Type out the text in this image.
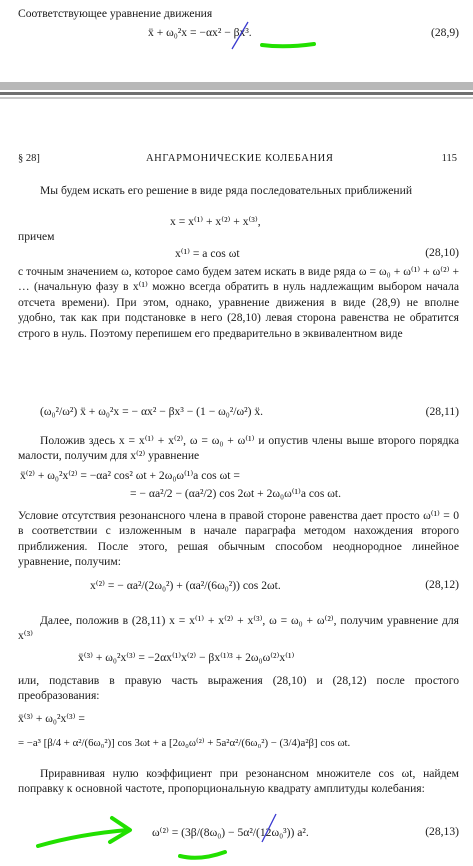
Соответствующее уравнение движения
ẍ + ω₀²x = −αx² − βx³.	(28,9)
§ 28]	АНГАРМОНИЧЕСКИЕ КОЛЕБАНИЯ	115
Мы будем искать его решение в виде ряда последовательных приближений
x = x⁽¹⁾ + x⁽²⁾ + x⁽³⁾,
причем
x⁽¹⁾ = a cos ωt	(28,10)
с точным значением ω, которое само будем затем искать в виде ряда ω = ω₀ + ω⁽¹⁾ + ω⁽²⁾ + … (начальную фазу в x⁽¹⁾ можно всегда обратить в нуль надлежащим выбором начала отсчета времени). При этом, однако, уравнение движения в виде (28,9) не вполне удобно, так как при подстановке в него (28,10) левая сторона равенства не обратится строго в нуль. Поэтому перепишем его предварительно в эквивалентном виде
(ω₀²/ω²) ẍ + ω₀²x = − αx² − βx³ − (1 − ω₀²/ω²) ẍ.	(28,11)
Положив здесь x = x⁽¹⁾ + x⁽²⁾, ω = ω₀ + ω⁽¹⁾ и опустив члены выше второго порядка малости, получим для x⁽²⁾ уравнение
ẍ⁽²⁾ + ω₀²x⁽²⁾ = −αa² cos² ωt + 2ω₀ω⁽¹⁾a cos ωt =
= − αa²/2 − (αa²/2) cos 2ωt + 2ω₀ω⁽¹⁾a cos ωt.
Условие отсутствия резонансного члена в правой стороне равенства дает просто ω⁽¹⁾ = 0 в соответствии с изложенным в начале параграфа методом нахождения второго приближения. После этого, решая обычным способом неоднородное линейное уравнение, получим:
x⁽²⁾ = − αa²/(2ω₀²) + (αa²/(6ω₀²)) cos 2ωt.	(28,12)
Далее, положив в (28,11) x = x⁽¹⁾ + x⁽²⁾ + x⁽³⁾, ω = ω₀ + ω⁽²⁾, получим уравнение для x⁽³⁾
ẍ⁽³⁾ + ω₀²x⁽³⁾ = −2αx⁽¹⁾x⁽²⁾ − βx⁽¹⁾³ + 2ω₀ω⁽²⁾x⁽¹⁾
или, подставив в правую часть выражения (28,10) и (28,12) после простого преобразования:
ẍ⁽³⁾ + ω₀²x⁽³⁾ =
= −a³ [β/4 + α²/(6ω₀²)] cos 3ωt + a [2ω₀ω⁽²⁾ + 5a²α²/(6ω₀²) − (3/4)a²β] cos ωt.
Приравнивая нулю коэффициент при резонансном множителе cos ωt, найдем поправку к основной частоте, пропорциональную квадрату амплитуды колебания:
ω⁽²⁾ = (3β/(8ω₀) − 5α²/(12ω₀³)) a².	(28,13)
